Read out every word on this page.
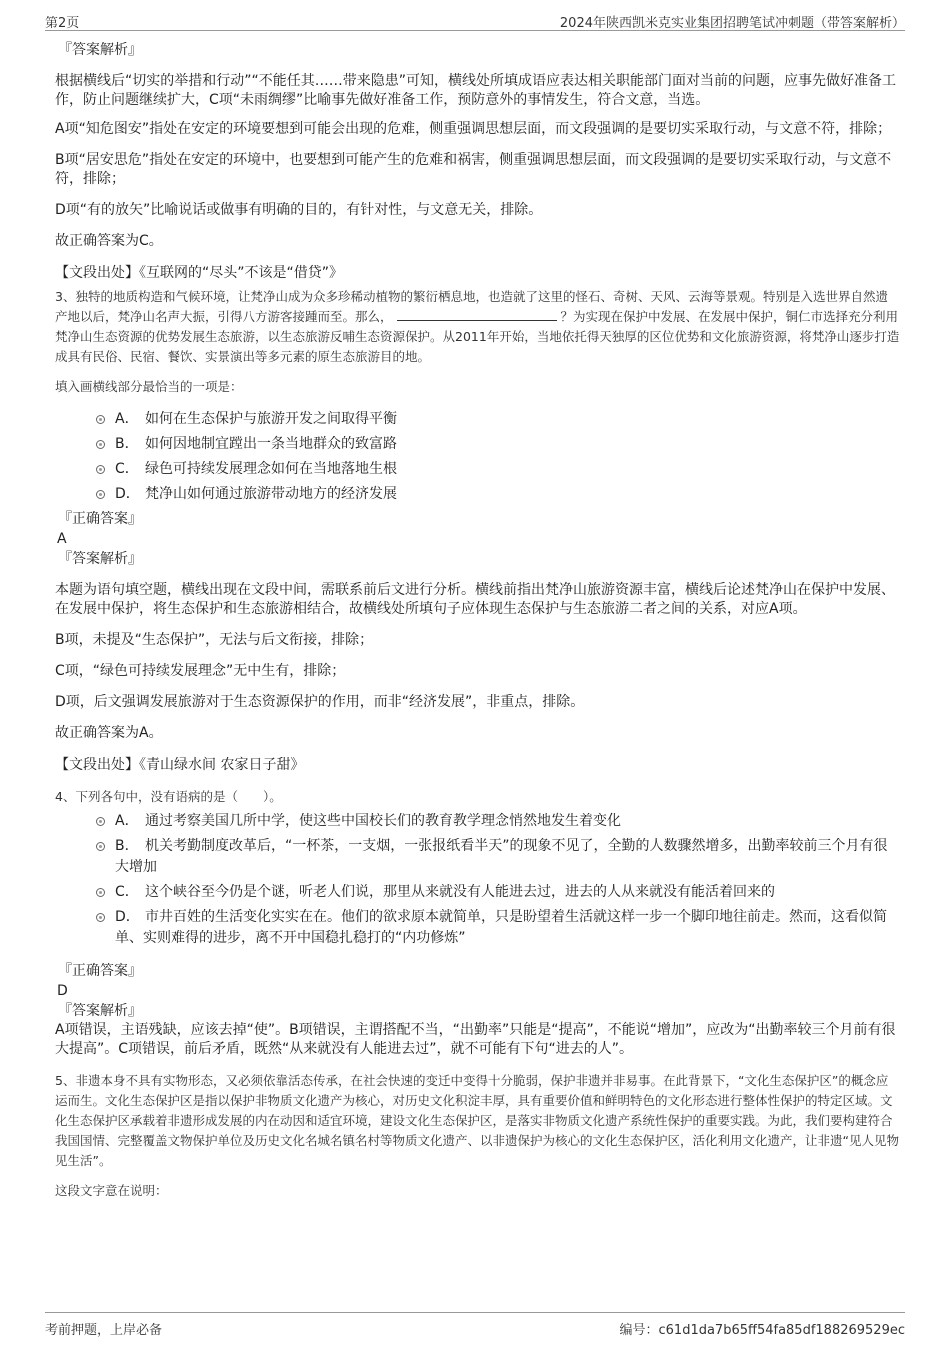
第2页	2024年陕西凯米克实业集团招聘笔试冲刺题（带答案解析）
『答案解析』

根据横线后“切实的举措和行动”“不能任其……带来隐患”可知，横线处所填成语应表达相关职能部门面对当前的问题，应事先做好准备工作，防止问题继续扩大，C项“未雨绸缪”比喻事先做好准备工作，预防意外的事情发生，符合文意，当选。

A项“知危图安”指处在安定的环境要想到可能会出现的危难，侧重强调思想层面，而文段强调的是要切实采取行动，与文意不符，排除；

B项“居安思危”指处在安定的环境中，也要想到可能产生的危难和祸害，侧重强调思想层面，而文段强调的是要切实采取行动，与文意不符，排除；

D项“有的放矢”比喻说话或做事有明确的目的，有针对性，与文意无关，排除。

故正确答案为C。

【文段出处】《互联网的“尽头”不该是“借贷”》

3、独特的地质构造和气候环境，让梵净山成为众多珍稀动植物的繁衍栖息地，也造就了这里的怪石、奇树、天风、云海等景观。特别是入选世界自然遗产地以后，梵净山名声大振，引得八方游客接踵而至。那么，	？为实现在保护中发展、在发展中保护，铜仁市选择充分利用梵净山生态资源的优势发展生态旅游，以生态旅游反哺生态资源保护。从2011年开始，当地依托得天独厚的区位优势和文化旅游资源，将梵净山逐步打造成具有民俗、民宿、餐饮、实景演出等多元素的原生态旅游目的地。

填入画横线部分最恰当的一项是：

A． 如何在生态保护与旅游开发之间取得平衡
B． 如何因地制宜蹚出一条当地群众的致富路
C． 绿色可持续发展理念如何在当地落地生根
D． 梵净山如何通过旅游带动地方的经济发展
『正确答案』
A
『答案解析』

本题为语句填空题，横线出现在文段中间，需联系前后文进行分析。横线前指出梵净山旅游资源丰富，横线后论述梵净山在保护中发展、在发展中保护，将生态保护和生态旅游相结合，故横线处所填句子应体现生态保护与生态旅游二者之间的关系，对应A项。

B项，未提及“生态保护”，无法与后文衔接，排除；

C项，“绿色可持续发展理念”无中生有，排除；

D项，后文强调发展旅游对于生态资源保护的作用，而非“经济发展”，非重点，排除。

故正确答案为A。

【文段出处】《青山绿水间 农家日子甜》

4、下列各句中，没有语病的是（　　）。

A． 通过考察美国几所中学，使这些中国校长们的教育教学理念悄然地发生着变化
B． 机关考勤制度改革后，“一杯茶，一支烟，一张报纸看半天”的现象不见了，全勤的人数骤然增多，出勤率较前三个月有很大增加
C． 这个峡谷至今仍是个谜，听老人们说，那里从来就没有人能进去过，进去的人从来就没有能活着回来的
D． 市井百姓的生活变化实实在在。他们的欲求原本就简单，只是盼望着生活就这样一步一个脚印地往前走。然而，这看似简单、实则难得的进步，离不开中国稳扎稳打的“内功修炼”
『正确答案』
D
『答案解析』

A项错误，主语残缺，应该去掉“使”。B项错误，主谓搭配不当，“出勤率”只能是“提高”，不能说“增加”，应改为“出勤率较三个月前有很大提高”。C项错误，前后矛盾，既然“从来就没有人能进去过”，就不可能有下句“进去的人”。

5、非遗本身不具有实物形态，又必须依靠活态传承，在社会快速的变迁中变得十分脆弱，保护非遗并非易事。在此背景下，“文化生态保护区”的概念应运而生。文化生态保护区是指以保护非物质文化遗产为核心，对历史文化积淀丰厚，具有重要价值和鲜明特色的文化形态进行整体性保护的特定区域。文化生态保护区承载着非遗形成发展的内在动因和适宜环境，建设文化生态保护区，是落实非物质文化遗产系统性保护的重要实践。为此，我们要构建符合我国国情、完整覆盖文物保护单位及历史文化名城名镇名村等物质文化遗产、以非遗保护为核心的文化生态保护区，活化利用文化遗产，让非遗“见人见物见生活”。

这段文字意在说明：

考前押题，上岸必备	编号：c61d1da7b65ff54fa85df188269529ec
